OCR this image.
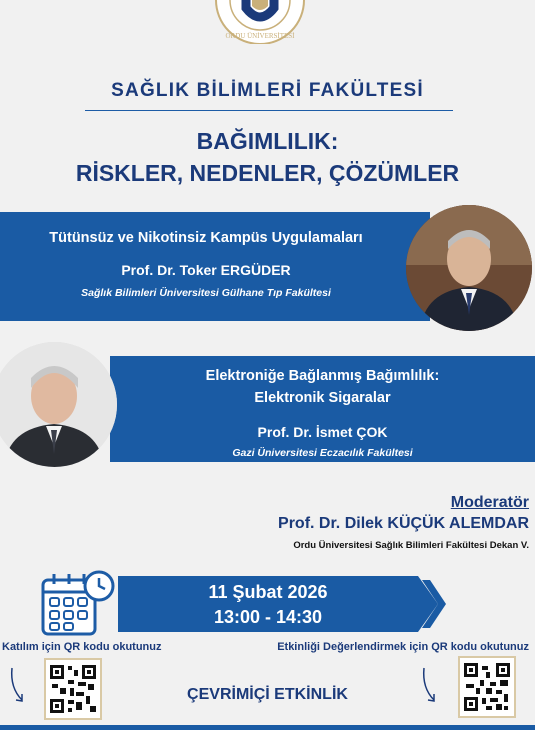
ORDU ÜNİVERSİTESİ
SAĞLIK BİLİMLERİ FAKÜLTESİ
BAĞIMLILIK:
RİSKLER, NEDENLER, ÇÖZÜMLER
Tütünsüz ve Nikotinsiz Kampüs Uygulamaları
Prof. Dr. Toker ERGÜDER
Sağlık Bilimleri Üniversitesi Gülhane Tıp Fakültesi
Elektroniğe Bağlanmış Bağımlılık:
Elektronik Sigaralar
Prof. Dr. İsmet ÇOK
Gazi Üniversitesi Eczacılık Fakültesi
Moderatör
Prof. Dr. Dilek KÜÇÜK ALEMDAR
Ordu Üniversitesi Sağlık Bilimleri Fakültesi Dekan V.
11 Şubat 2026
13:00 - 14:30
Katılım için QR kodu okutunuz	Etkinliği Değerlendirmek için QR kodu okutunuz
ÇEVRİMİÇİ ETKİNLİK
